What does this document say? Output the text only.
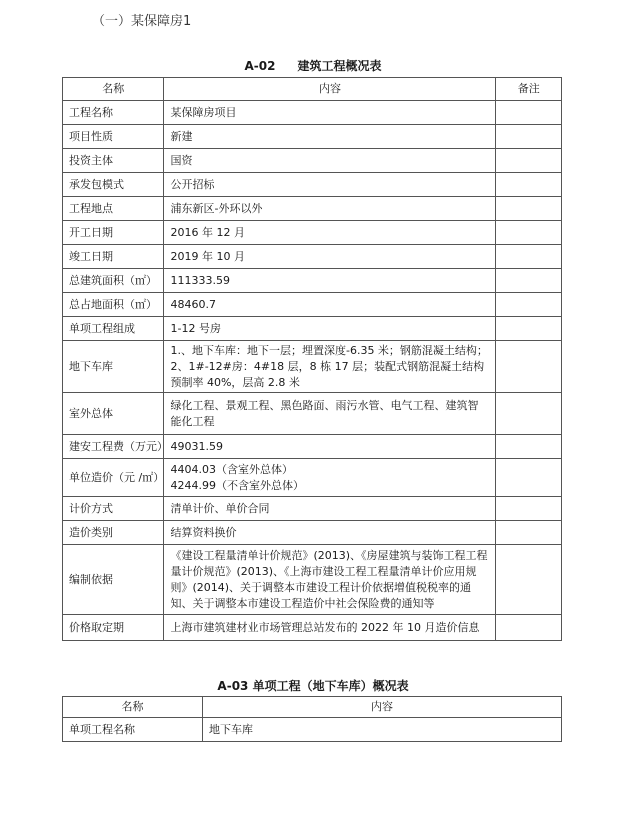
（一）某保障房1
A-02 建筑工程概况表
名称	内容	备注
工程名称	某保障房项目	
项目性质	新建	
投资主体	国资	
承发包模式	公开招标	
工程地点	浦东新区-外环以外	
开工日期	2016 年 12 月	
竣工日期	2019 年 10 月	
总建筑面积（㎡）	111333.59	
总占地面积（㎡）	48460.7	
单项工程组成	1-12 号房	
地下车库	1.、地下车库：地下一层；埋置深度-6.35 米；钢筋混凝土结构；2、1#-12#房：4#18 层，8 栋 17 层；装配式钢筋混凝土结构预制率 40%，层高 2.8 米	
室外总体	绿化工程、景观工程、黑色路面、雨污水管、电气工程、建筑智能化工程	
建安工程费（万元）	49031.59	
单位造价（元 /㎡）	4404.03（含室外总体）
4244.99（不含室外总体）	

计价方式	清单计价、单价合同	
造价类别	结算资料换价	
编制依据	《建设工程量清单计价规范》(2013)、《房屋建筑与装饰工程工程量计价规范》(2013)、《上海市建设工程工程量清单计价应用规则》(2014)、关于调整本市建设工程计价依据增值税税率的通知、关于调整本市建设工程造价中社会保险费的通知等	
价格取定期	上海市建筑建材业市场管理总站发布的 2022 年 10 月造价信息	
A-03 单项工程（地下车库）概况表
名称	内容
单项工程名称	地下车库
